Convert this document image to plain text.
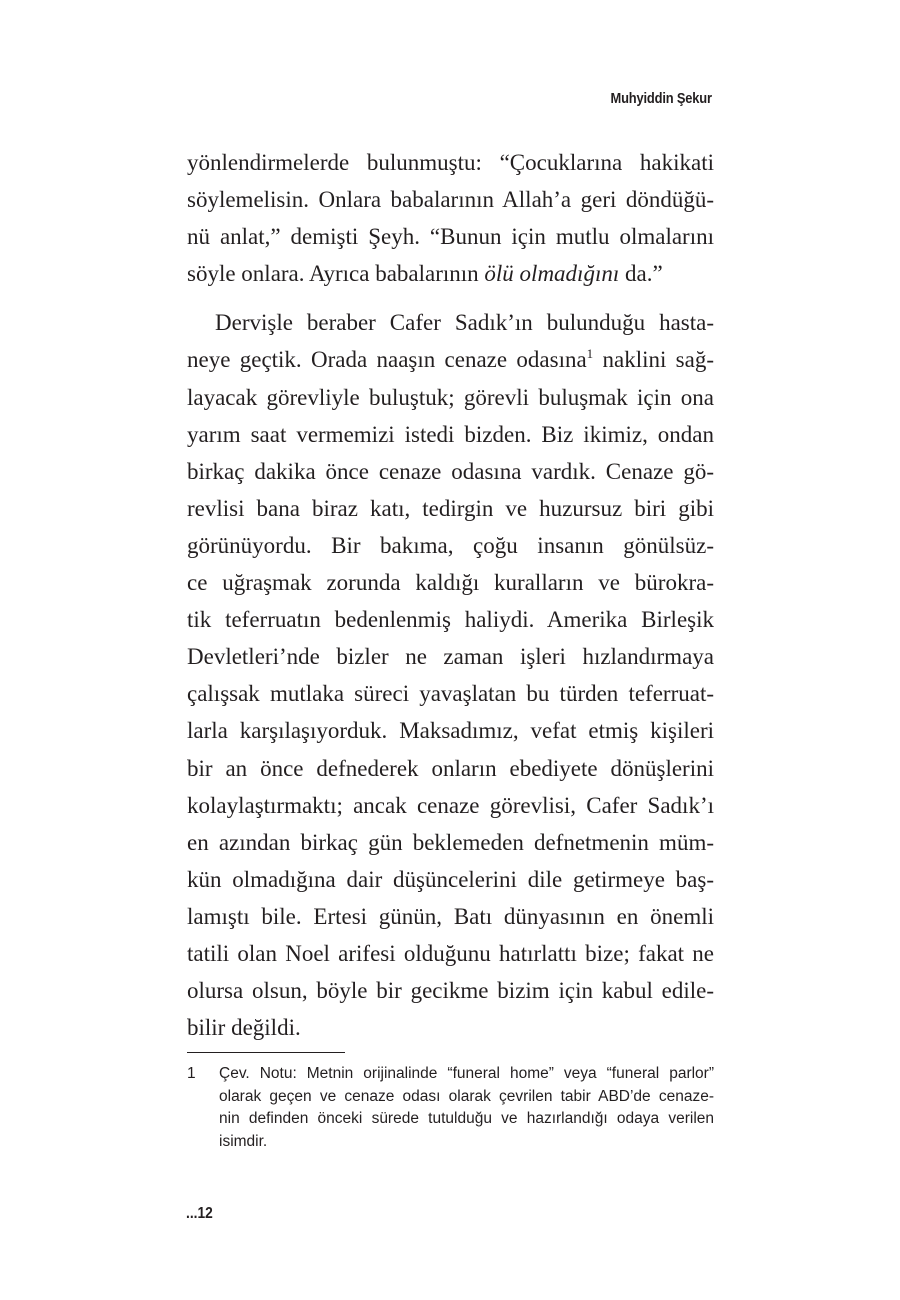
Muhyiddin Şekur
yönlendirmelerde bulunmuştu: “Çocuklarına hakikati
söylemelisin. Onlara babalarının Allah’a geri döndüğü-
nü anlat,” demişti Şeyh. “Bunun için mutlu olmalarını
söyle onlara. Ayrıca babalarının ölü olmadığını da.”
Dervişle beraber Cafer Sadık’ın bulunduğu hasta-
neye geçtik. Orada naaşın cenaze odasına$^1$ naklini sağ-
layacak görevliyle buluştuk; görevli buluşmak için ona
yarım saat vermemizi istedi bizden. Biz ikimiz, ondan
birkaç dakika önce cenaze odasına vardık. Cenaze gö-
revlisi bana biraz katı, tedirgin ve huzursuz biri gibi
görünüyordu. Bir bakıma, çoğu insanın gönülsüz-
ce uğraşmak zorunda kaldığı kuralların ve bürokra-
tik teferruatın bedenlenmiş haliydi. Amerika Birleşik
Devletleri’nde bizler ne zaman işleri hızlandırmaya
çalışsak mutlaka süreci yavaşlatan bu türden teferruat-
larla karşılaşıyorduk. Maksadımız, vefat etmiş kişileri
bir an önce defnederek onların ebediyete dönüşlerini
kolaylaştırmaktı; ancak cenaze görevlisi, Cafer Sadık’ı
en azından birkaç gün beklemeden defnetmenin müm-
kün olmadığına dair düşüncelerini dile getirmeye baş-
lamıştı bile. Ertesi günün, Batı dünyasının en önemli
tatili olan Noel arifesi olduğunu hatırlattı bize; fakat ne
olursa olsun, böyle bir gecikme bizim için kabul edile-
bilir değildi.
1 Çev. Notu: Metnin orijinalinde “funeral home” veya “funeral parlor”
olarak geçen ve cenaze odası olarak çevrilen tabir ABD’de cenaze-
nin definden önceki sürede tutulduğu ve hazırlandığı odaya verilen
isimdir.
...12
